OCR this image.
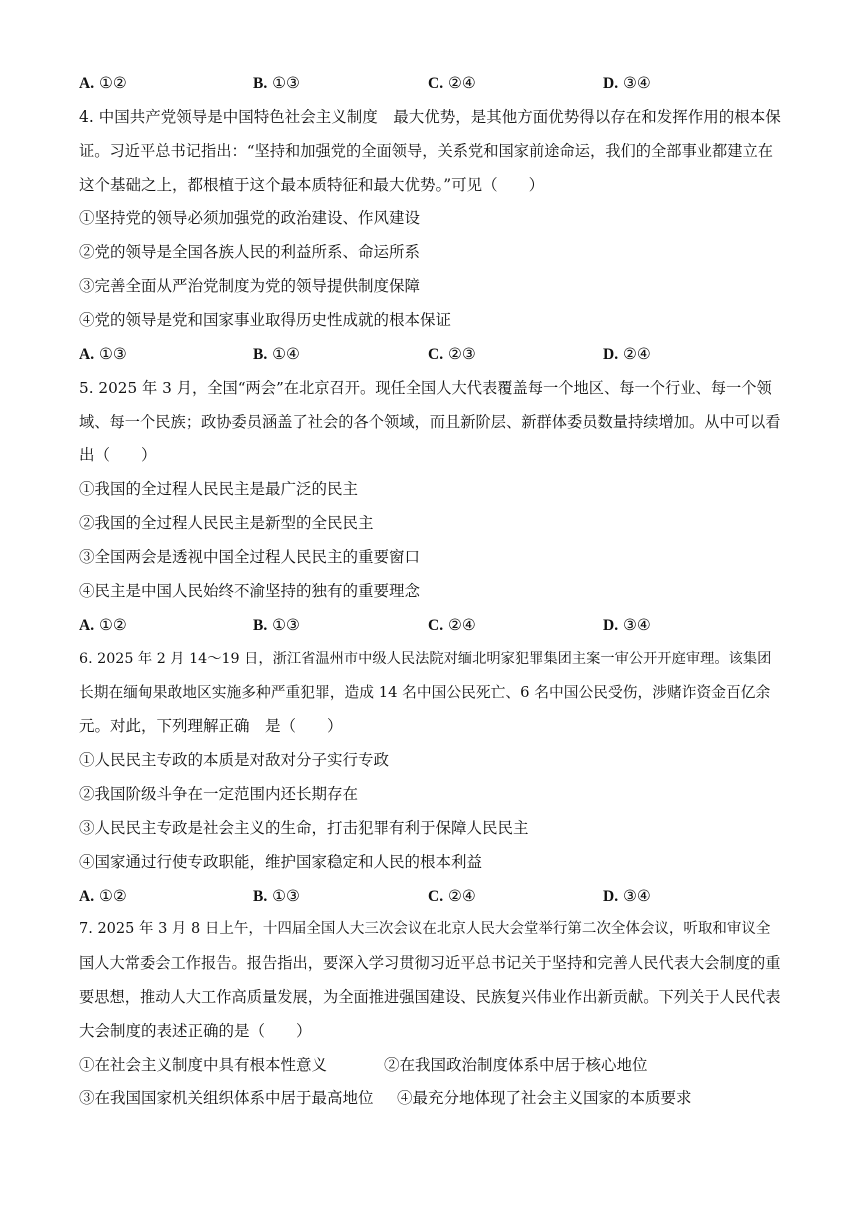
A. ①②	B. ①③	C. ②④	D. ③④
4. 中国共产党领导是中国特色社会主义制度　最大优势，是其他方面优势得以存在和发挥作用的根本保
证。习近平总书记指出：“坚持和加强党的全面领导，关系党和国家前途命运，我们的全部事业都建立在
这个基础之上，都根植于这个最本质特征和最大优势。”可见（　　）
①坚持党的领导必须加强党的政治建设、作风建设
②党的领导是全国各族人民的利益所系、命运所系
③完善全面从严治党制度为党的领导提供制度保障
④党的领导是党和国家事业取得历史性成就的根本保证
A. ①③	B. ①④	C. ②③	D. ②④
5. 2025 年 3 月，全国“两会”在北京召开。现任全国人大代表覆盖每一个地区、每一个行业、每一个领
域、每一个民族；政协委员涵盖了社会的各个领域，而且新阶层、新群体委员数量持续增加。从中可以看
出（　　）
①我国的全过程人民民主是最广泛的民主
②我国的全过程人民民主是新型的全民民主
③全国两会是透视中国全过程人民民主的重要窗口
④民主是中国人民始终不渝坚持的独有的重要理念
A. ①②	B. ①③	C. ②④	D. ③④
6. 2025 年 2 月 14～19 日，浙江省温州市中级人民法院对缅北明家犯罪集团主案一审公开开庭审理。该集团
长期在缅甸果敢地区实施多种严重犯罪，造成 14 名中国公民死亡、6 名中国公民受伤，涉赌诈资金百亿余
元。对此，下列理解正确　是（　　）
①人民民主专政的本质是对敌对分子实行专政
②我国阶级斗争在一定范围内还长期存在
③人民民主专政是社会主义的生命，打击犯罪有利于保障人民民主
④国家通过行使专政职能，维护国家稳定和人民的根本利益
A. ①②	B. ①③	C. ②④	D. ③④
7. 2025 年 3 月 8 日上午，十四届全国人大三次会议在北京人民大会堂举行第二次全体会议，听取和审议全
国人大常委会工作报告。报告指出，要深入学习贯彻习近平总书记关于坚持和完善人民代表大会制度的重
要思想，推动人大工作高质量发展，为全面推进强国建设、民族复兴伟业作出新贡献。下列关于人民代表
大会制度的表述正确的是（　　）
①在社会主义制度中具有根本性意义	②在我国政治制度体系中居于核心地位
③在我国国家机关组织体系中居于最高地位 ④最充分地体现了社会主义国家的本质要求
